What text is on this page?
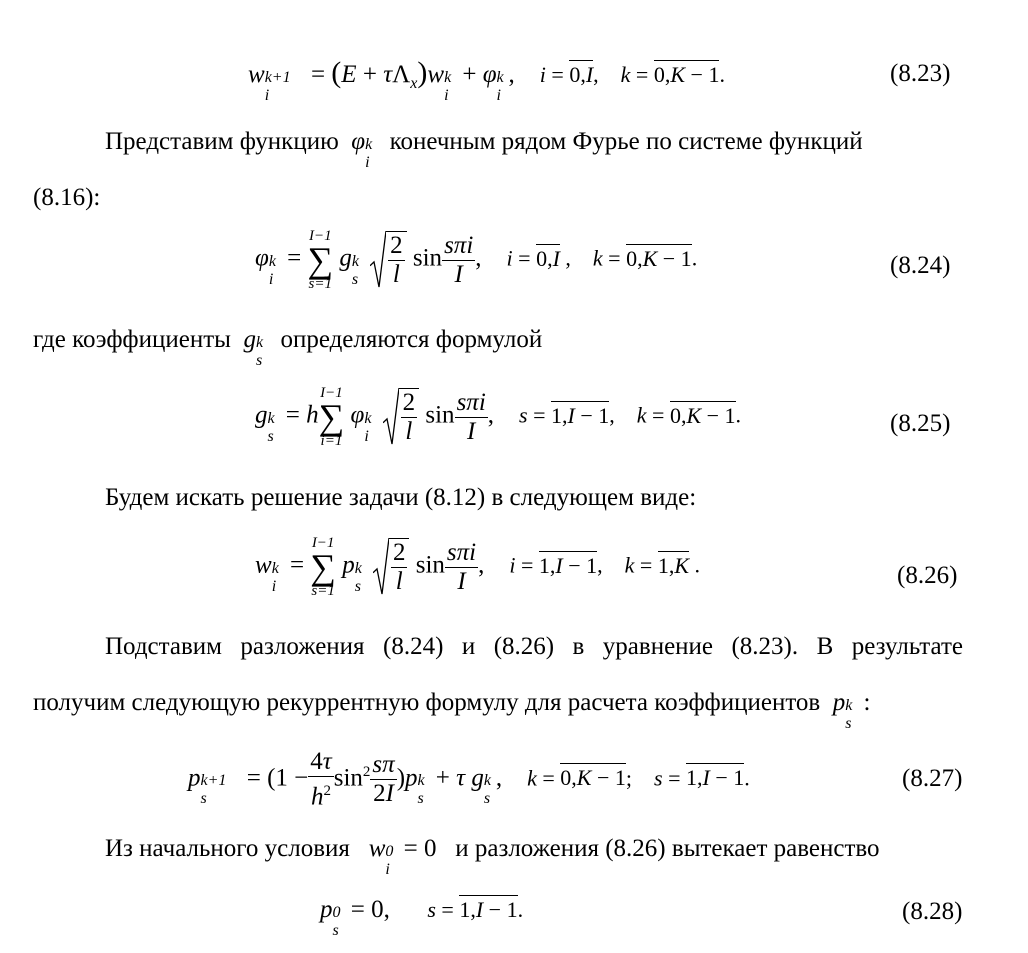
w k+1
i
= $(E + \tau\Lambda_x)w$ k
i
+ φ k
i
,    i = 0,I,    k = 0,K − 1.	(8.23)
Представим функцию φ k
i
конечным рядом Фурье по системе функций
(8.16):
φ k
i
=
I−1
∑
s=1
g k
s
$\frac{2}{l}$ $\sin \frac{\text{sπi}}{I}$ ,    i = 0,I ,    k = 0,K − 1.	(8.24)
где коэффициенты g k
s
определяются формулой
g k
s
= h
I−1
∑
i=1
φ k
i
$\frac{2}{l}$ $\sin \frac{\text{sπi}}{I}$ ,    s = 1,I − 1,    k = 0,K − 1.	(8.25)
Будем искать решение задачи (8.12) в следующем виде:
w k
i
=
I−1
∑
s=1
p k
s
$\frac{2}{l}$ $\sin \frac{\text{sπi}}{I}$ ,    i = 1,I − 1,    k = 1,K .	(8.26)
Подставим разложения (8.24) и (8.26) в уравнение (8.23). В результате
получим следующую рекуррентную формулу для расчета коэффициентов p k
s
:
p k+1
s
= $(1 - \frac{4\tau}{h^2} \sin^2 \frac{s\pi}{2I} )p$ k
s
+ τ g k
s
,    k = 0,K − 1;    s = 1,I − 1.	(8.27)
Из начального условия w 0
i
= 0   и разложения (8.26) вытекает равенство
p 0
s
= 0,      s = 1,I − 1.	(8.28)
